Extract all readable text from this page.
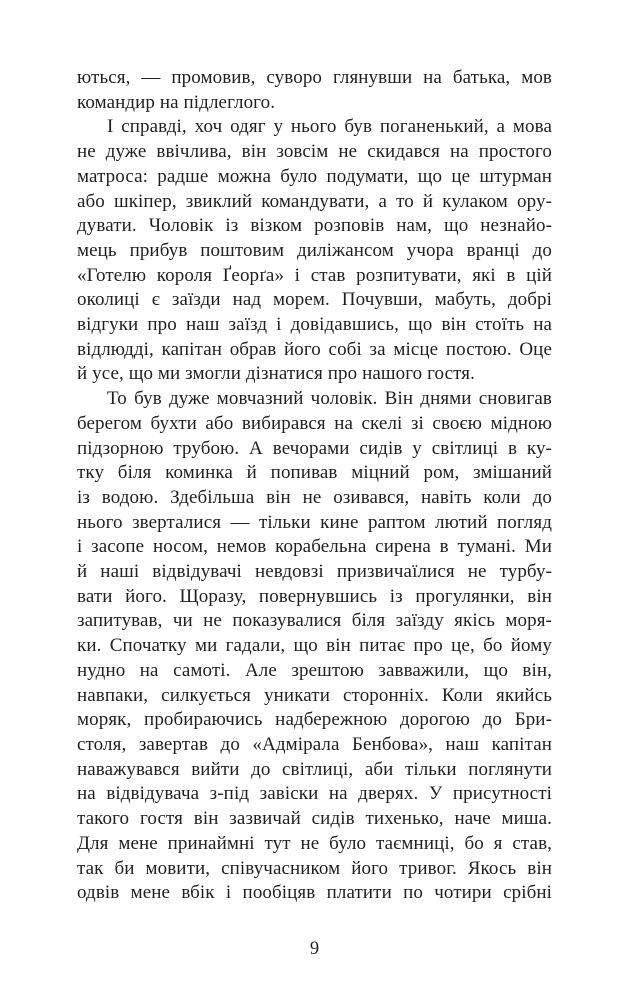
ються, — промовив, суворо глянувши на батька, мов
командир на підлеглого.
І справді, хоч одяг у нього був поганенький, а мова
не дуже ввічлива, він зовсім не скидався на простого
матроса: радше можна було подумати, що це штурман
або шкіпер, звиклий командувати, а то й кулаком ору-
дувати. Чоловік із візком розповів нам, що незнайо-
мець прибув поштовим диліжансом учора вранці до
«Готелю короля Ґеорґа» і став розпитувати, які в цій
околиці є заїзди над морем. Почувши, мабуть, добрі
відгуки про наш заїзд і довідавшись, що він стоїть на
відлюдді, капітан обрав його собі за місце постою. Оце
й усе, що ми змогли дізнатися про нашого гостя.
То був дуже мовчазний чоловік. Він днями сновигав
берегом бухти або вибирався на скелі зі своєю мідною
підзорною трубою. А вечорами сидів у світлиці в ку-
тку біля коминка й попивав міцний ром, змішаний
із водою. Здебільша він не озивався, навіть коли до
нього зверталися — тільки кине раптом лютий погляд
і засопе носом, немов корабельна сирена в тумані. Ми
й наші відвідувачі невдовзі призвичаїлися не турбу-
вати його. Щоразу, повернувшись із прогулянки, він
запитував, чи не показувалися біля заїзду якісь моря-
ки. Спочатку ми гадали, що він питає про це, бо йому
нудно на самоті. Але зрештою завважили, що він,
навпаки, силкується уникати сторонніх. Коли якийсь
моряк, пробираючись надбережною дорогою до Бри-
столя, завертав до «Адмірала Бенбова», наш капітан
наважувався вийти до світлиці, аби тільки поглянути
на відвідувача з-під завіски на дверях. У присутності
такого гостя він зазвичай сидів тихенько, наче миша.
Для мене принаймні тут не було таємниці, бо я став,
так би мовити, співучасником його тривог. Якось він
одвів мене вбік і пообіцяв платити по чотири срібні
9
